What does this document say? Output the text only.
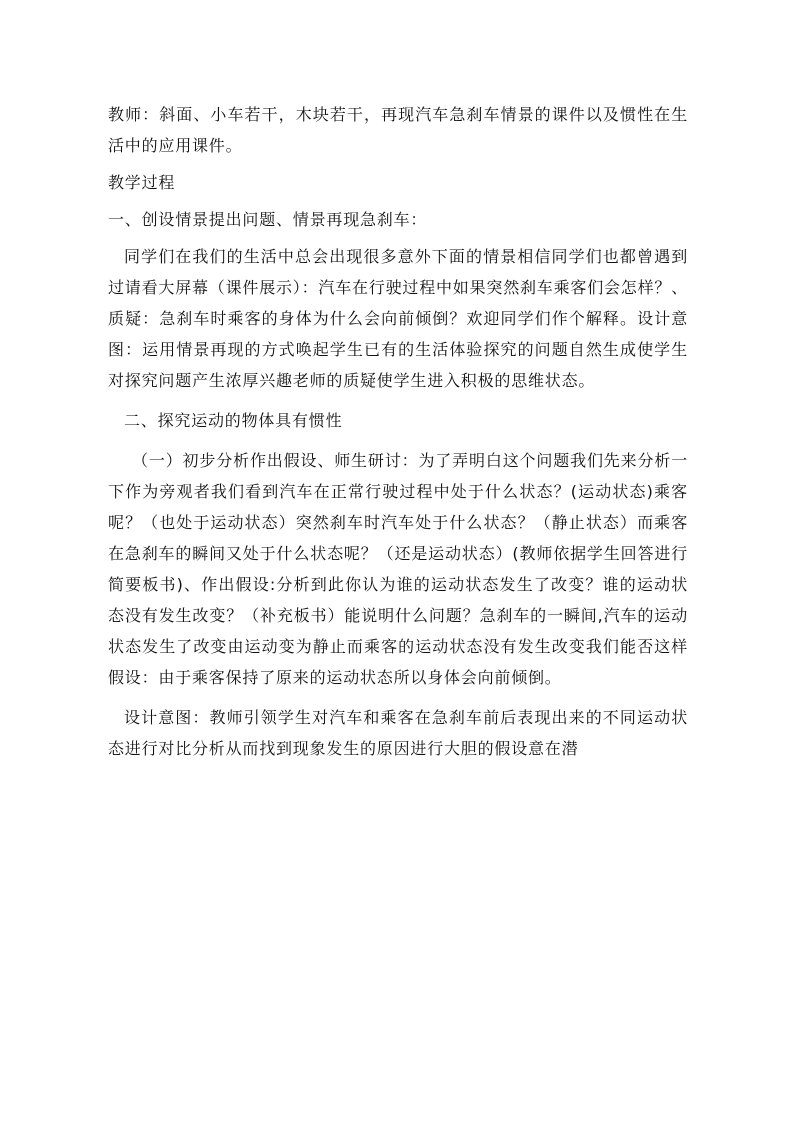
教师：斜面、小车若干，木块若干，再现汽车急刹车情景的课件以及惯性在生活中的应用课件。

教学过程

一、创设情景提出问题、情景再现急刹车：

同学们在我们的生活中总会出现很多意外下面的情景相信同学们也都曾遇到过请看大屏幕（课件展示）：汽车在行驶过程中如果突然刹车乘客们会怎样？、质疑：急刹车时乘客的身体为什么会向前倾倒？欢迎同学们作个解释。设计意图：运用情景再现的方式唤起学生已有的生活体验探究的问题自然生成使学生对探究问题产生浓厚兴趣老师的质疑使学生进入积极的思维状态。

二、探究运动的物体具有惯性

（一）初步分析作出假设、师生研讨：为了弄明白这个问题我们先来分析一下作为旁观者我们看到汽车在正常行驶过程中处于什么状态？(运动状态)乘客呢？（也处于运动状态）突然刹车时汽车处于什么状态？（静止状态）而乘客在急刹车的瞬间又处于什么状态呢？（还是运动状态）(教师依据学生回答进行简要板书)、作出假设:分析到此你认为谁的运动状态发生了改变？谁的运动状态没有发生改变？（补充板书）能说明什么问题？急刹车的一瞬间,汽车的运动状态发生了改变由运动变为静止而乘客的运动状态没有发生改变我们能否这样假设：由于乘客保持了原来的运动状态所以身体会向前倾倒。

设计意图：教师引领学生对汽车和乘客在急刹车前后表现出来的不同运动状态进行对比分析从而找到现象发生的原因进行大胆的假设意在潜
